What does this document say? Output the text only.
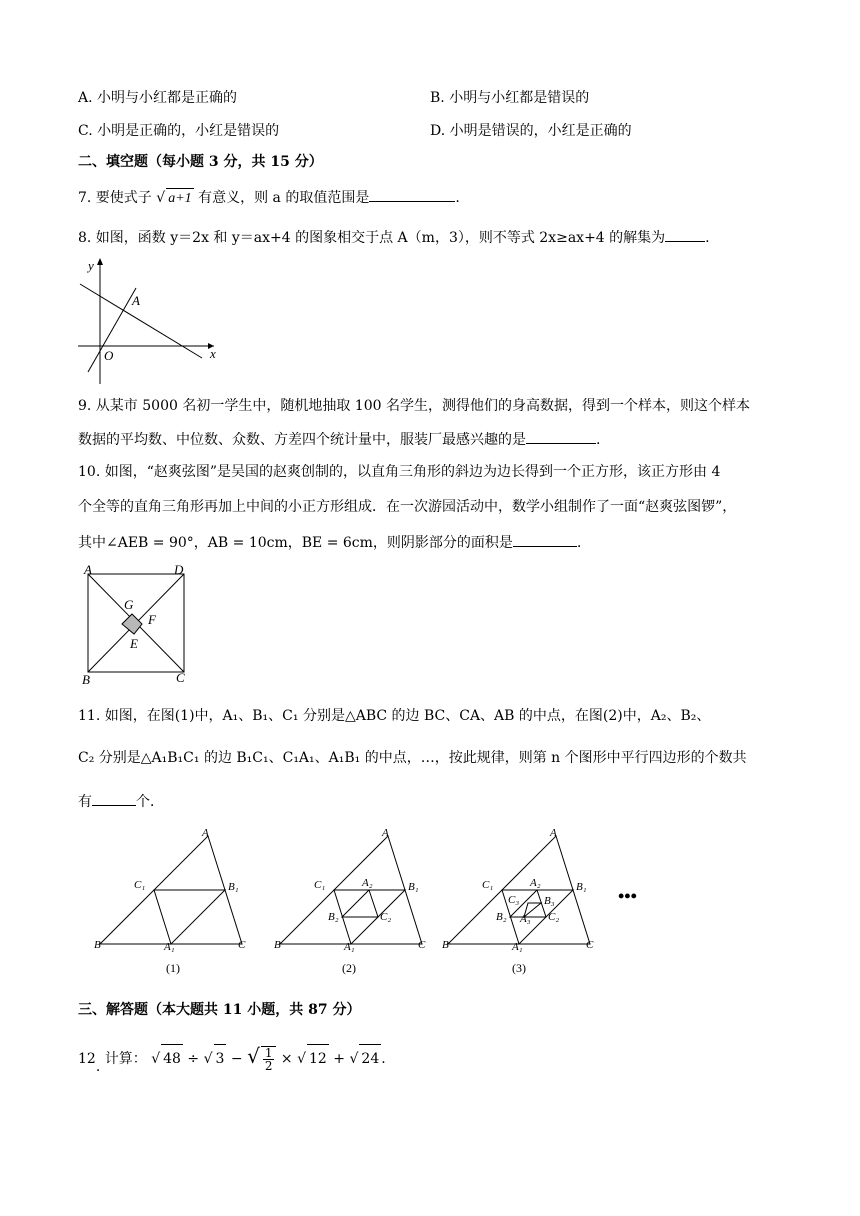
A. 小明与小红都是正确的	B. 小明与小红都是错误的
C. 小明是正确的，小红是错误的	D. 小明是错误的，小红是正确的
二、填空题（每小题 3 分，共 15 分）
7. 要使式子 √ a+1 有意义，则 a 的取值范围是	.
8. 如图，函数 y＝2x 和 y＝ax+4 的图象相交于点 A（m，3），则不等式 2x≥ax+4 的解集为	.
y
x
O
A
9. 从某市 5000 名初一学生中，随机地抽取 100 名学生，测得他们的身高数据，得到一个样本，则这个样本
数据的平均数、中位数、众数、方差四个统计量中，服装厂最感兴趣的是	.
10. 如图，“赵爽弦图”是吴国的赵爽创制的，以直角三角形的斜边为边长得到一个正方形，该正方形由 4
个全等的直角三角形再加上中间的小正方形组成．在一次游园活动中，数学小组制作了一面“赵爽弦图锣”，
其中∠AEB = 90°，AB = 10cm，BE = 6cm，则阴影部分的面积是	.
A	D
B	C
G
F
E
11. 如图，在图(1)中，A₁、B₁、C₁ 分别是△ABC 的边 BC、CA、AB 的中点，在图(2)中，A₂、B₂、
C₂ 分别是△A₁B₁C₁ 的边 B₁C₁、C₁A₁、A₁B₁ 的中点，…，按此规律，则第 n 个图形中平行四边形的个数共
有	个．
A
B	C
C₁	B₁
A₁
A
B	C
C₁	B₁
A₁
A₂
B₂	C₂
A
B	C
C₁	B₁
A₁
A₂
B₂	C₂
C₃ B₃
A₃
(1)	(2)	(3)
•••
三、解答题（本大题共 11 小题，共 87 分）
12. 计算： √ 48 ÷ √ 3 − √ $\frac{1}{2}$ × √ 12 + √ 24 .
